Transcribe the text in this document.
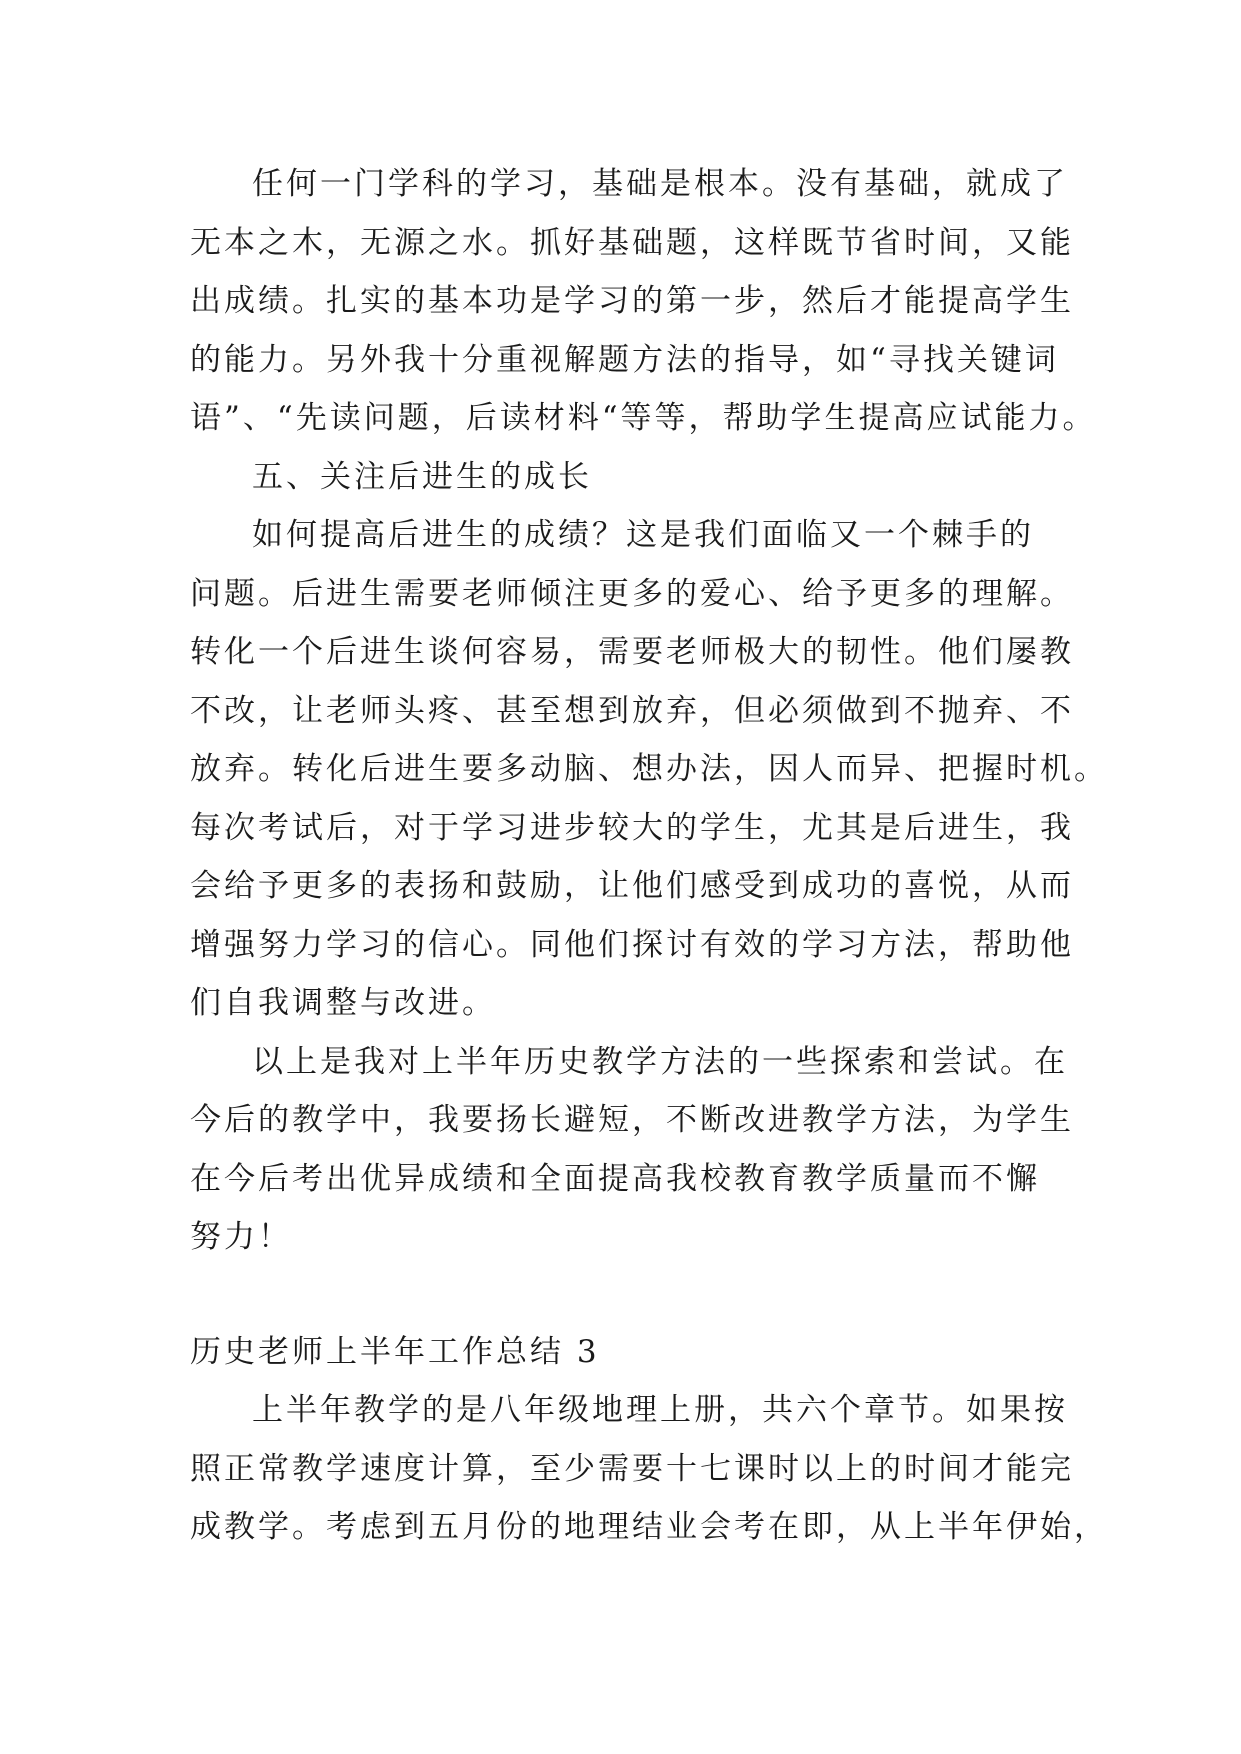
任何一门学科的学习，基础是根本。没有基础，就成了
无本之木，无源之水。抓好基础题，这样既节省时间，又能
出成绩。扎实的基本功是学习的第一步，然后才能提高学生
的能力。另外我十分重视解题方法的指导，如“寻找关键词
语”、“先读问题，后读材料“等等，帮助学生提高应试能力。
五、关注后进生的成长
如何提高后进生的成绩？这是我们面临又一个棘手的
问题。后进生需要老师倾注更多的爱心、给予更多的理解。
转化一个后进生谈何容易，需要老师极大的韧性。他们屡教
不改，让老师头疼、甚至想到放弃，但必须做到不抛弃、不
放弃。转化后进生要多动脑、想办法，因人而异、把握时机。
每次考试后，对于学习进步较大的学生，尤其是后进生，我
会给予更多的表扬和鼓励，让他们感受到成功的喜悦，从而
增强努力学习的信心。同他们探讨有效的学习方法，帮助他
们自我调整与改进。
以上是我对上半年历史教学方法的一些探索和尝试。在
今后的教学中，我要扬长避短，不断改进教学方法，为学生
在今后考出优异成绩和全面提高我校教育教学质量而不懈
努力！
历史老师上半年工作总结 3
上半年教学的是八年级地理上册，共六个章节。如果按
照正常教学速度计算，至少需要十七课时以上的时间才能完
成教学。考虑到五月份的地理结业会考在即，从上半年伊始，
